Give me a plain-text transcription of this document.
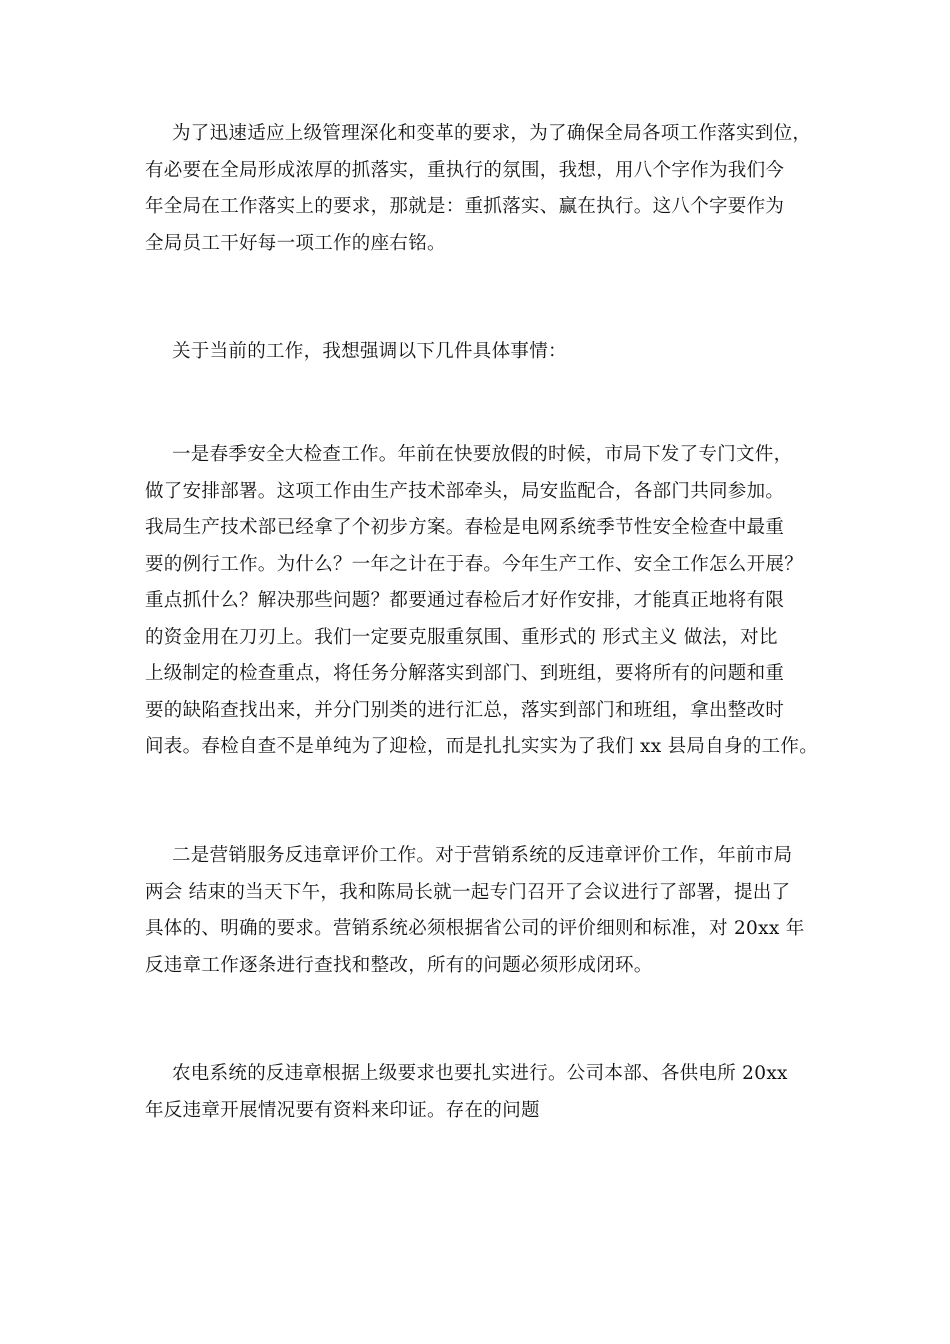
为了迅速适应上级管理深化和变革的要求，为了确保全局各项工作落实到位，
有必要在全局形成浓厚的抓落实，重执行的氛围，我想，用八个字作为我们今
年全局在工作落实上的要求，那就是：重抓落实、赢在执行。这八个字要作为
全局员工干好每一项工作的座右铭。
关于当前的工作，我想强调以下几件具体事情：
一是春季安全大检查工作。年前在快要放假的时候，市局下发了专门文件，
做了安排部署。这项工作由生产技术部牵头，局安监配合，各部门共同参加。
我局生产技术部已经拿了个初步方案。春检是电网系统季节性安全检查中最重
要的例行工作。为什么？一年之计在于春。今年生产工作、安全工作怎么开展？
重点抓什么？解决那些问题？都要通过春检后才好作安排，才能真正地将有限
的资金用在刀刃上。我们一定要克服重氛围、重形式的 形式主义 做法，对比
上级制定的检查重点，将任务分解落实到部门、到班组，要将所有的问题和重
要的缺陷查找出来，并分门别类的进行汇总，落实到部门和班组，拿出整改时
间表。春检自查不是单纯为了迎检，而是扎扎实实为了我们 xx 县局自身的工作。
二是营销服务反违章评价工作。对于营销系统的反违章评价工作，年前市局
两会 结束的当天下午，我和陈局长就一起专门召开了会议进行了部署，提出了
具体的、明确的要求。营销系统必须根据省公司的评价细则和标准，对 20xx 年
反违章工作逐条进行查找和整改，所有的问题必须形成闭环。
农电系统的反违章根据上级要求也要扎实进行。公司本部、各供电所 20xx
年反违章开展情况要有资料来印证。存在的问题
